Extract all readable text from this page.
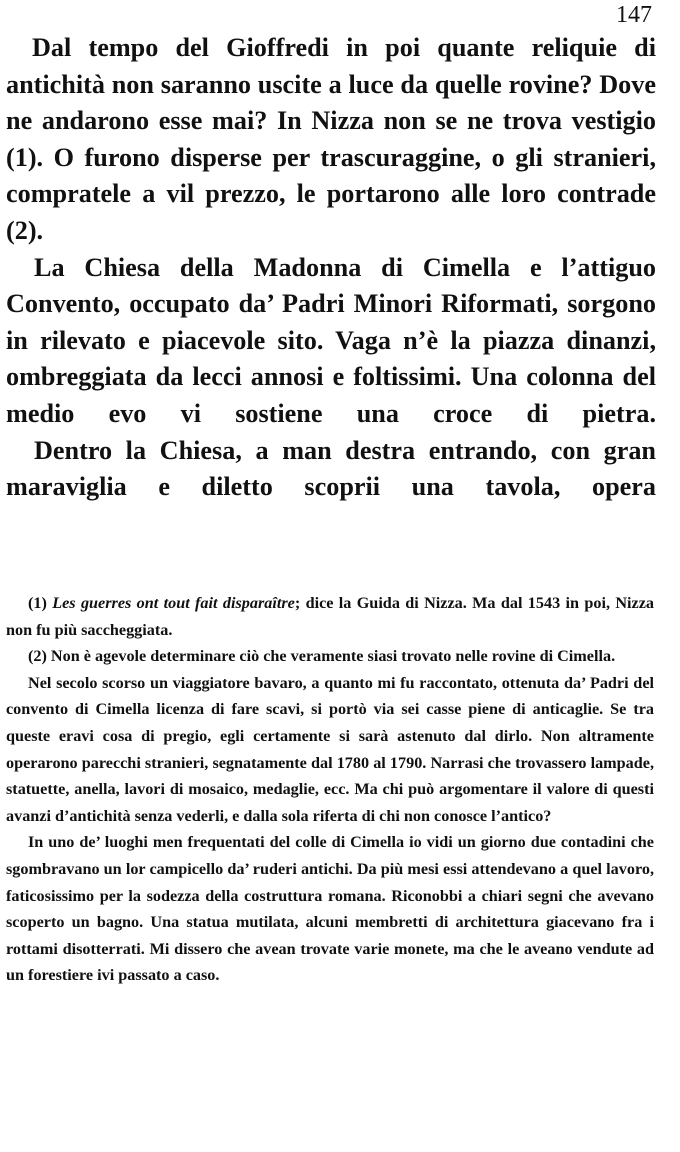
147

Dal tempo del Gioffredi in poi quante reliquie di antichità non saranno uscite a luce da quelle rovine? Dove ne andarono esse mai? In Nizza non se ne trova vestigio (1). O furono disperse per trascuraggine, o gli stranieri, compratele a vil prezzo, le portarono alle loro contrade (2).

La Chiesa della Madonna di Cimella e l’attiguo Convento, occupato da’ Padri Minori Riformati, sorgono in rilevato e piacevole sito. Vaga n’è la piazza dinanzi, ombreggiata da lecci annosi e foltissimi. Una colonna del medio evo vi sostiene una croce di pietra.

Dentro la Chiesa, a man destra entrando, con gran maraviglia e diletto scoprii una tavola, opera

(1) Les guerres ont tout fait disparaître; dice la Guida di Nizza. Ma dal 1543 in poi, Nizza non fu più saccheggiata.

(2) Non è agevole determinare ciò che veramente siasi trovato nelle rovine di Cimella.

Nel secolo scorso un viaggiatore bavaro, a quanto mi fu raccontato, ottenuta da’ Padri del convento di Cimella licenza di fare scavi, si portò via sei casse piene di anticaglie. Se tra queste eravi cosa di pregio, egli certamente si sarà astenuto dal dirlo. Non altramente operarono parecchi stranieri, segnatamente dal 1780 al 1790. Narrasi che trovassero lampade, statuette, anella, lavori di mosaico, medaglie, ecc. Ma chi può argomentare il valore di questi avanzi d’antichità senza vederli, e dalla sola riferta di chi non conosce l’antico?

In uno de’ luoghi men frequentati del colle di Cimella io vidi un giorno due contadini che sgombravano un lor campicello da’ ruderi antichi. Da più mesi essi attendevano a quel lavoro, faticosissimo per la sodezza della costruttura romana. Riconobbi a chiari segni che avevano scoperto un bagno. Una statua mutilata, alcuni membretti di architettura giacevano fra i rottami disotterrati. Mi dissero che avean trovate varie monete, ma che le aveano vendute ad un forestiere ivi passato a caso.
